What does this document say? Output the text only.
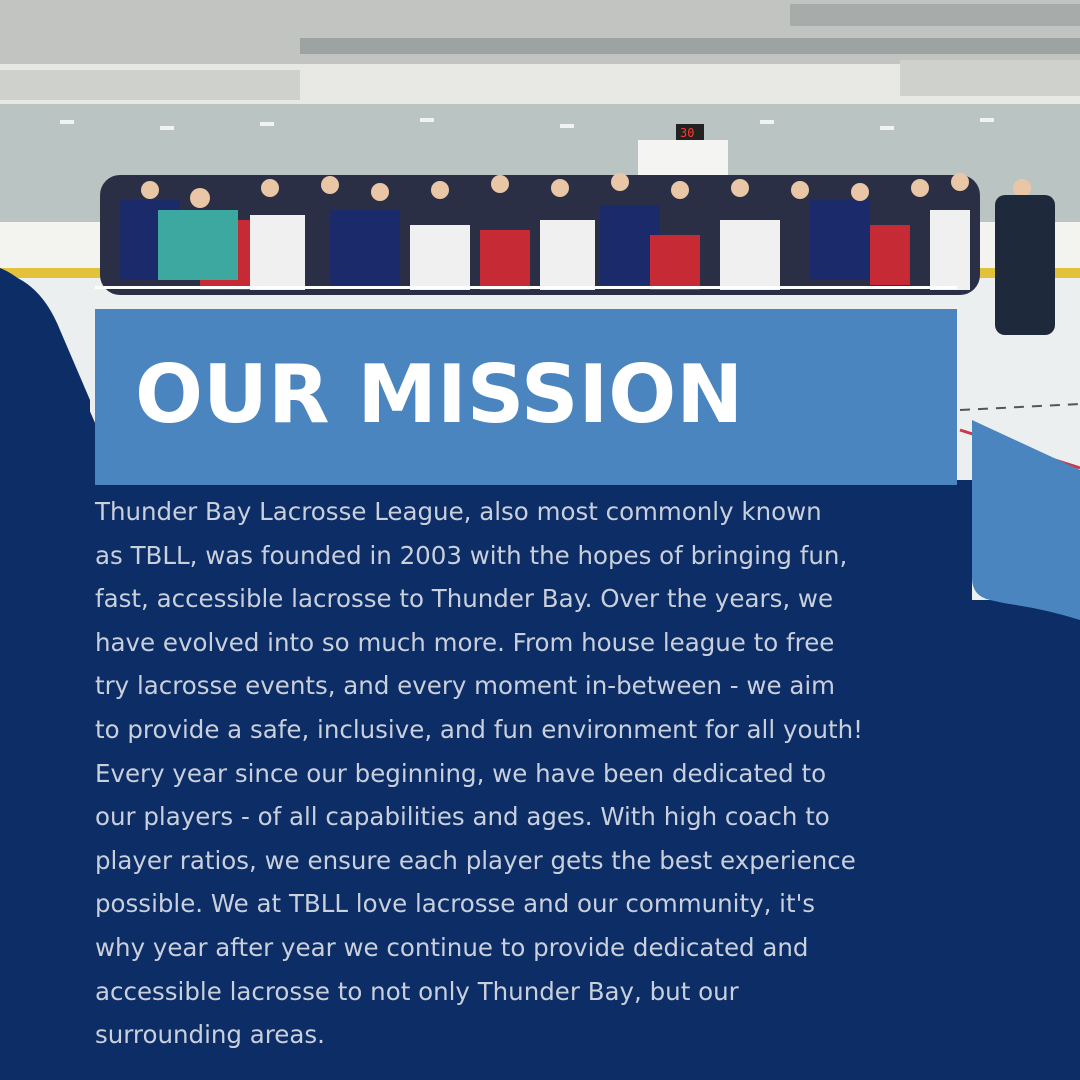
30
OUR MISSION

Thunder Bay Lacrosse League, also most commonly known
as TBLL, was founded in 2003 with the hopes of bringing fun,
fast, accessible lacrosse to Thunder Bay. Over the years, we
have evolved into so much more. From house league to free
try lacrosse events, and every moment in-between - we aim
to provide a safe, inclusive, and fun environment for all youth!
Every year since our beginning, we have been dedicated to
our players - of all capabilities and ages. With high coach to
player ratios, we ensure each player gets the best experience
possible. We at TBLL love lacrosse and our community, it's
why year after year we continue to provide dedicated and
accessible lacrosse to not only Thunder Bay, but our
surrounding areas.
